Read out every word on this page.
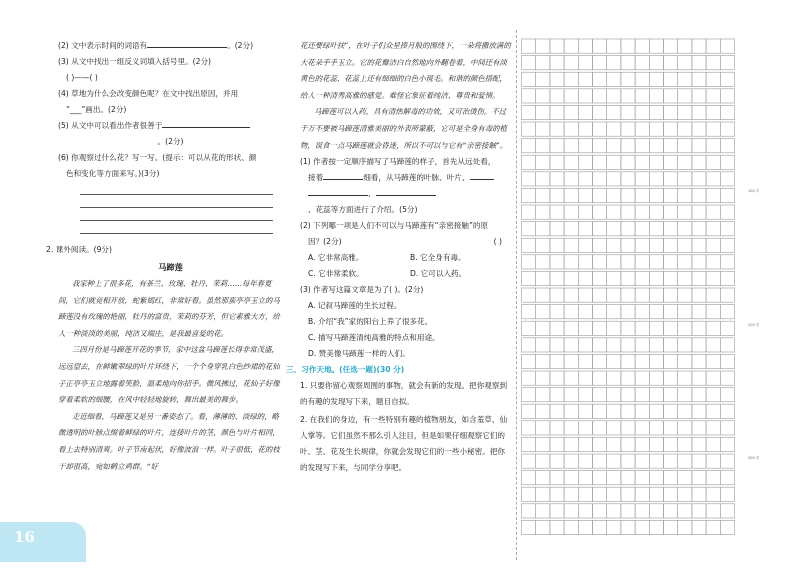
(2) 文中表示时间的词语有	。(2分)
(3) 从文中找出一组反义词填入括号里。(2分)
( )——( )
(4) 草地为什么会改变颜色呢？在文中找出原因，并用
“___”画出。(2分)
(5) 从文中可以看出作者很善于
。(2分)
(6) 你观察过什么花？写一写。(提示：可以从花的形状、颜
色和变化等方面来写。)(3分)
2. 课外阅读。(9分)
马蹄莲

我家种上了很多花，有茶兰、玫瑰、牡丹、茉莉……每年春夏间，它们就竞相开放，蛇紫嫣红，非常好看。虽然那蛮亭亭玉立的马蹄莲没有玫瑰的艳丽，牡丹的富贵，茉莉的芬芳，但它素雅大方，给人一种淡淡的美丽，纯洁又端庄，是我最喜爱的花。

三四月份是马蹄莲开花的季节，家中这盆马蹄莲长得非常茂盛，远远望去，在鲜嫩翠绿的叶片环绕下，一个个身穿乳白色纱裙的花仙子正亭亭玉立地露着笑脸，温柔地向你招手。微风拂过，花仙子好像穿着柔软的细腰，在风中轻轻地旋转，舞出最美的舞步。

走近细看，马蹄莲又是另一番姿态了。看，薄薄的、淡绿的，略微透明的叶脉点缀着鲜绿的叶片，连接叶片的茎，颜色与叶片相同，看上去特别清爽。叶子节南起伏，好像波浪一样。叶子很低，花的枝干却很高，宛如鹤立鸡群。“好

花还要绿叶扶”，在叶子们众星捧月般的围绕下，一朵将撒放满的大花朵手手玉立。它的花瓣洁白自然地向外翻卷着，中间还有淡黄色的花蕊，花蕊上还有细细的白色小斑毛。和谐的颜色搭配，给人一种清秀高雅的感觉。难怪它象征着纯洁、尊贵和爱情。

马蹄莲可以入药，具有清热解毒的功效，又可治烫伤。不过千万不要被马蹄莲清雅美丽的外表所蒙蔽，它可是全身有毒的植物，误食一点马蹄莲就会昏迷，所以不可以与它有“亲密接触”。

(1) 作者按一定顺序描写了马蹄莲的样子，首先从远处看，
接着	细看，从马蹄莲的叶脉、叶片、
、
、花蕊等方面进行了介绍。(5分)
(2) 下列哪一项是人们不可以与马蹄莲有“亲密接触”的原
因？(2分)	( )
A. 它非常高雅。	B. 它全身有毒。
C. 它非常柔软。	D. 它可以入药。
(3) 作者写这篇文章是为了( )。(2分)
A. 记叙马蹄莲的生长过程。
B. 介绍“我”家的阳台上养了很多花。
C. 描写马蹄莲清纯高雅的特点和用途。
D. 赞美像马蹄莲一样的人们。
三、习作天地。(任选一题)(30 分)
1. 只要你留心观察周围的事物，就会有新的发现。把你观察到的有趣的发现写下来，题目自拟。
2. 在我们的身边，有一些特别有趣的植物朋友，如含羞草、仙人掌等。它们虽然不那么引人注目，但是如果仔细观察它们的叶、茎、花及生长规律，你就会发现它们的一些小秘密。把你的发现写下来，与同学分享吧。
100 字
200 字
300 字
16
